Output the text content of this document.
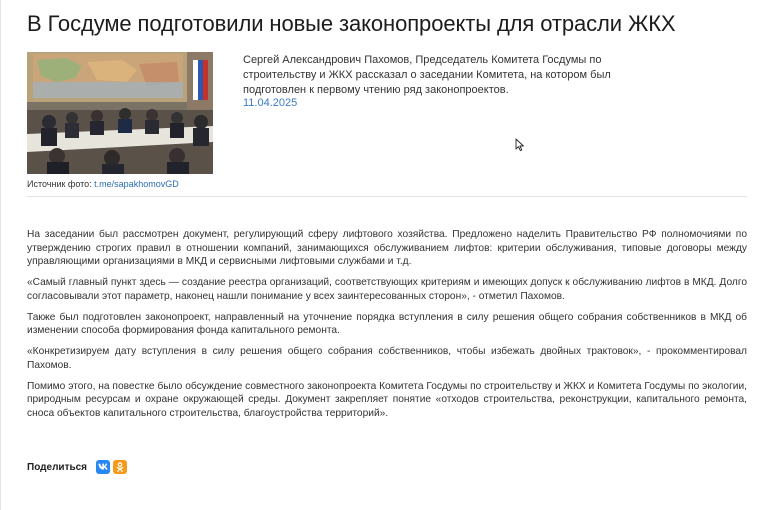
В Госдуме подготовили новые законопроекты для отрасли ЖКХ
Источник фото: t.me/sapakhomovGD
Сергей Александрович Пахомов, Председатель Комитета Госдумы по строительству и ЖКХ рассказал о заседании Комитета, на котором был подготовлен к первому чтению ряд законопроектов.
11.04.2025

На заседании был рассмотрен документ, регулирующий сферу лифтового хозяйства. Предложено наделить Правительство РФ полномочиями по утверждению строгих правил в отношении компаний, занимающихся обслуживанием лифтов: критерии обслуживания, типовые договоры между управляющими организациями в МКД и сервисными лифтовыми службами и т.д.

«Самый главный пункт здесь — создание реестра организаций, соответствующих критериям и имеющих допуск к обслуживанию лифтов в МКД. Долго согласовывали этот параметр, наконец нашли понимание у всех заинтересованных сторон», - отметил Пахомов.

Также был подготовлен законопроект, направленный на уточнение порядка вступления в силу решения общего собрания собственников в МКД об изменении способа формирования фонда капитального ремонта.

«Конкретизируем дату вступления в силу решения общего собрания собственников, чтобы избежать двойных трактовок», - прокомментировал Пахомов.

Помимо этого, на повестке было обсуждение совместного законопроекта Комитета Госдумы по строительству и ЖКХ и Комитета Госдумы по экологии, природным ресурсам и охране окружающей среды. Документ закрепляет понятие «отходов строительства, реконструкции, капитального ремонта, сноса объектов капитального строительства, благоустройства территорий».

Поделиться
